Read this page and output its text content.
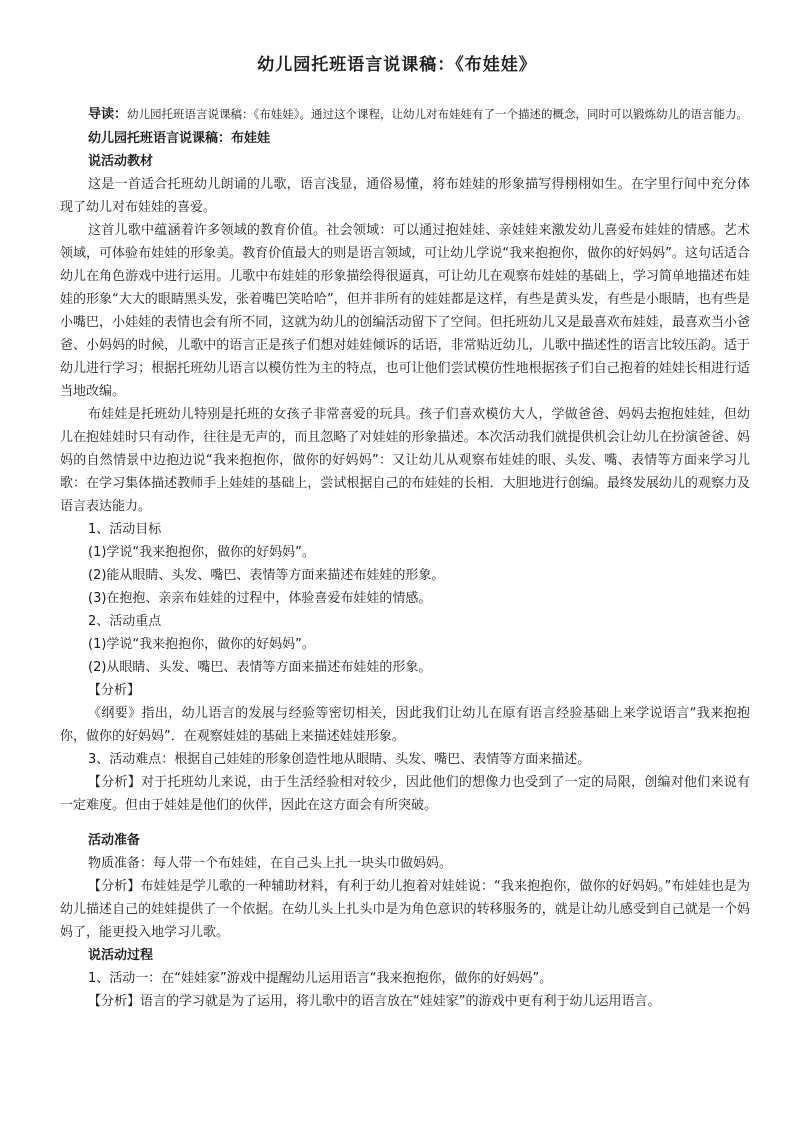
幼儿园托班语言说课稿：《布娃娃》

导读：幼儿园托班语言说课稿：《布娃娃》。通过这个课程，让幼儿对布娃娃有了一个描述的概念，同时可以锻炼幼儿的语言能力。

幼儿园托班语言说课稿：布娃娃

说活动教材

这是一首适合托班幼儿朗诵的儿歌，语言浅显，通俗易懂，将布娃娃的形象描写得栩栩如生。在字里行间中充分体现了幼儿对布娃娃的喜爱。

这首儿歌中蕴涵着许多领域的教育价值。社会领域：可以通过抱娃娃、亲娃娃来激发幼儿喜爱布娃娃的情感。艺术领域，可体验布娃娃的形象美。教育价值最大的则是语言领域，可让幼儿学说“我来抱抱你，做你的好妈妈”。这句话适合幼儿在角色游戏中进行运用。儿歌中布娃娃的形象描绘得很逼真，可让幼儿在观察布娃娃的基础上，学习简单地描述布娃娃的形象“大大的眼睛黑头发，张着嘴巴笑哈哈”，但并非所有的娃娃都是这样，有些是黄头发，有些是小眼睛，也有些是小嘴巴，小娃娃的表情也会有所不同，这就为幼儿的创编活动留下了空间。但托班幼儿又是最喜欢布娃娃，最喜欢当小爸爸、小妈妈的时候，儿歌中的语言正是孩子们想对娃娃倾诉的话语，非常贴近幼儿，儿歌中描述性的语言比较压韵。适于幼儿进行学习；根据托班幼儿语言以模仿性为主的特点，也可让他们尝试模仿性地根据孩子们自己抱着的娃娃长相进行适当地改编。

布娃娃是托班幼儿特别是托班的女孩子非常喜爱的玩具。孩子们喜欢模仿大人，学做爸爸、妈妈去抱抱娃娃，但幼儿在抱娃娃时只有动作，往往是无声的，而且忽略了对娃娃的形象描述。本次活动我们就提供机会让幼儿在扮演爸爸、妈妈的自然情景中边抱边说“我来抱抱你，做你的好妈妈”：又让幼儿从观察布娃娃的眼、头发、嘴、表情等方面来学习儿歌：在学习集体描述教师手上娃娃的基础上，尝试根据自己的布娃娃的长相．大胆地进行创编。最终发展幼儿的观察力及语言表达能力。

1、活动目标

(1)学说“我来抱抱你，做你的好妈妈”。

(2)能从眼睛、头发、嘴巴、表情等方面来描述布娃娃的形象。

(3)在抱抱、亲亲布娃娃的过程中，体验喜爱布娃娃的情感。

2、活动重点

(1)学说“我来抱抱你，做你的好妈妈”。

(2)从眼睛、头发、嘴巴、表情等方面来描述布娃娃的形象。

【分析】

《纲要》指出，幼儿语言的发展与经验等密切相关，因此我们让幼儿在原有语言经验基础上来学说语言“我来抱抱你，做你的好妈妈”．在观察娃娃的基础上来描述娃娃形象。

3、活动难点：根据自己娃娃的形象创造性地从眼睛、头发、嘴巴、表情等方面来描述。

【分析】对于托班幼儿来说，由于生活经验相对较少，因此他们的想像力也受到了一定的局限，创编对他们来说有一定难度。但由于娃娃是他们的伙伴，因此在这方面会有所突破。

活动准备

物质准备：每人带一个布娃娃，在自己头上扎一块头巾做妈妈。

【分析】布娃娃是学儿歌的一种辅助材料，有利于幼儿抱着对娃娃说：“我来抱抱你，做你的好妈妈。”布娃娃也是为幼儿描述自己的娃娃提供了一个依据。在幼儿头上扎头巾是为角色意识的转移服务的，就是让幼儿感受到自己就是一个妈妈了，能更投入地学习儿歌。

说活动过程

1、活动一：在“娃娃家”游戏中提醒幼儿运用语言“我来抱抱你，做你的好妈妈”。

【分析】语言的学习就是为了运用，将儿歌中的语言放在“娃娃家”的游戏中更有利于幼儿运用语言。
